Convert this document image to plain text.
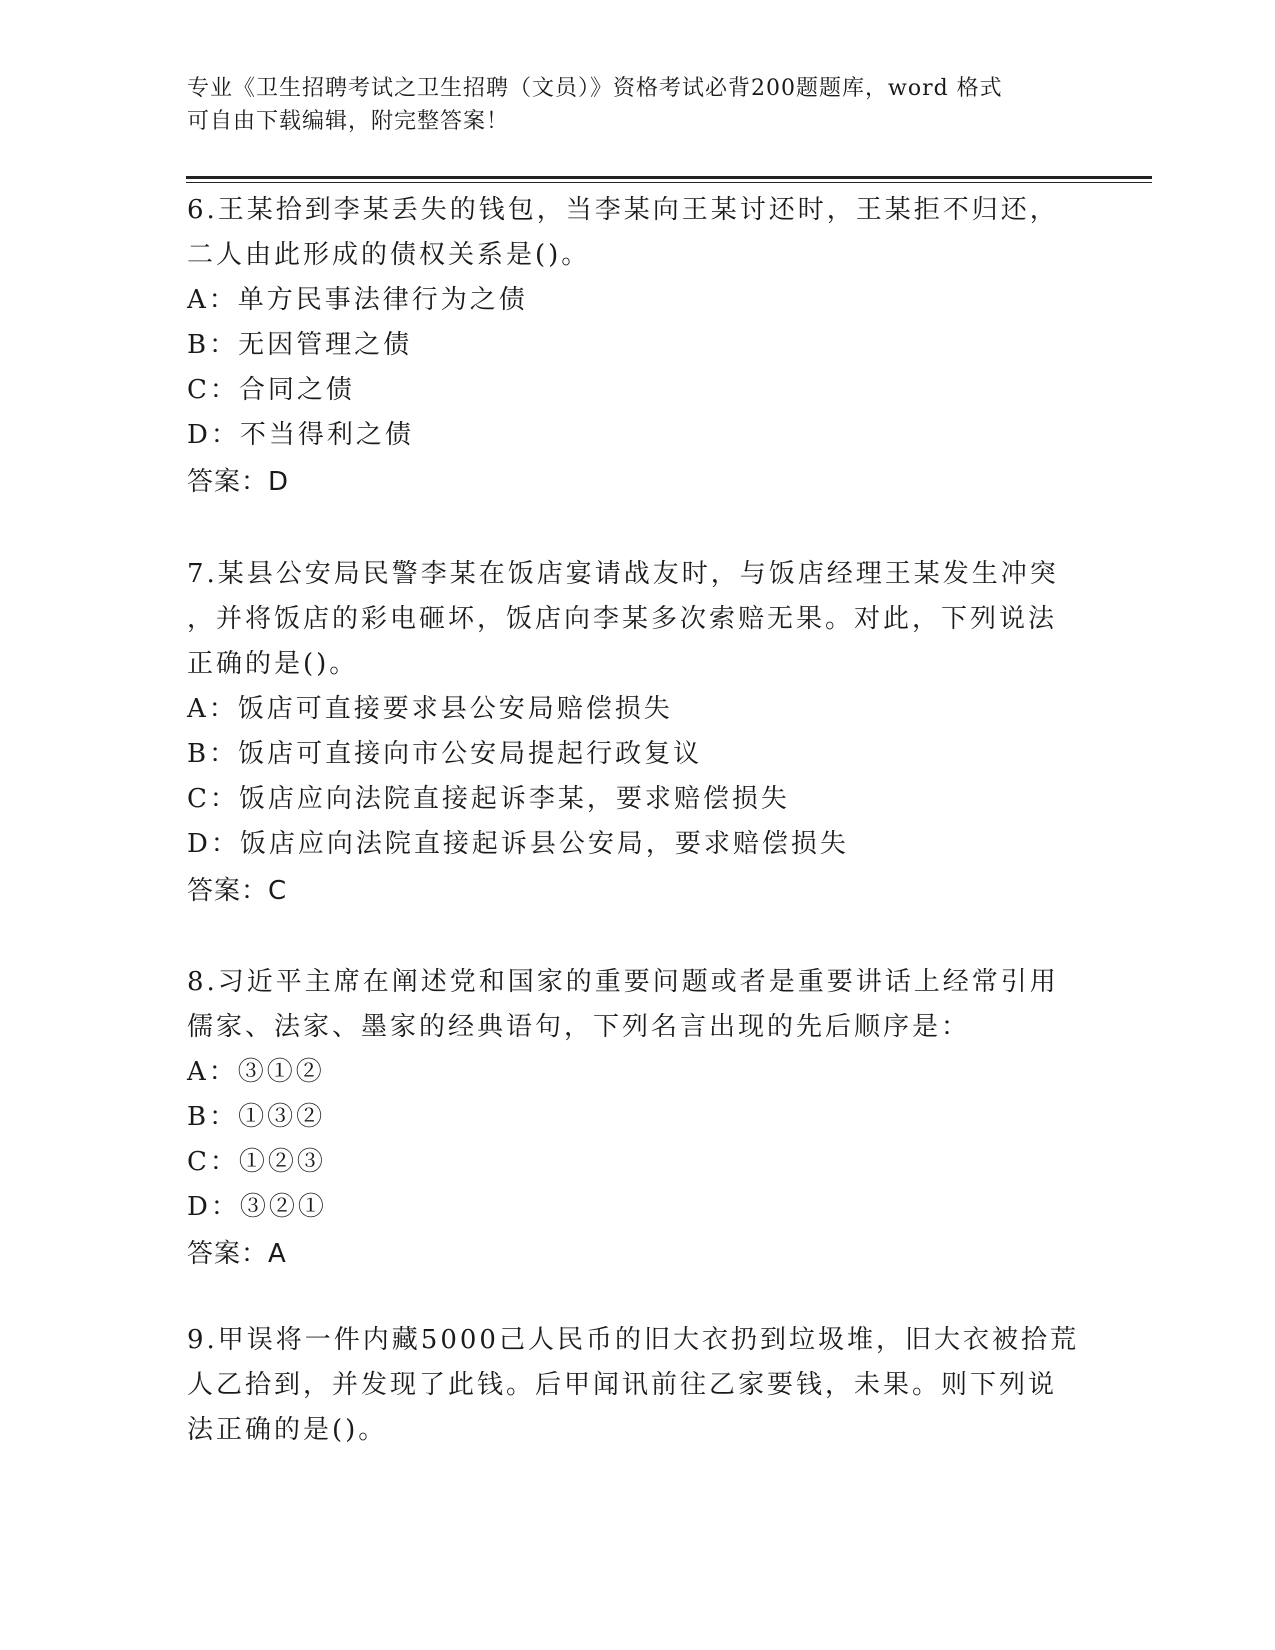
专业《卫生招聘考试之卫生招聘（文员）》资格考试必背200题题库，word 格式
可自由下载编辑，附完整答案！
6.王某拾到李某丢失的钱包，当李某向王某讨还时，王某拒不归还，
二人由此形成的债权关系是()。
A：单方民事法律行为之债
B：无因管理之债
C：合同之债
D：不当得利之债
答案：D
7.某县公安局民警李某在饭店宴请战友时，与饭店经理王某发生冲突
，并将饭店的彩电砸坏，饭店向李某多次索赔无果。对此，下列说法
正确的是()。
A：饭店可直接要求县公安局赔偿损失
B：饭店可直接向市公安局提起行政复议
C：饭店应向法院直接起诉李某，要求赔偿损失
D：饭店应向法院直接起诉县公安局，要求赔偿损失
答案：C
8.习近平主席在阐述党和国家的重要问题或者是重要讲话上经常引用
儒家、法家、墨家的经典语句，下列名言出现的先后顺序是：
A：③①②
B：①③②
C：①②③
D：③②①
答案：A
9.甲误将一件内藏5000己人民币的旧大衣扔到垃圾堆，旧大衣被拾荒
人乙拾到，并发现了此钱。后甲闻讯前往乙家要钱，未果。则下列说
法正确的是()。
